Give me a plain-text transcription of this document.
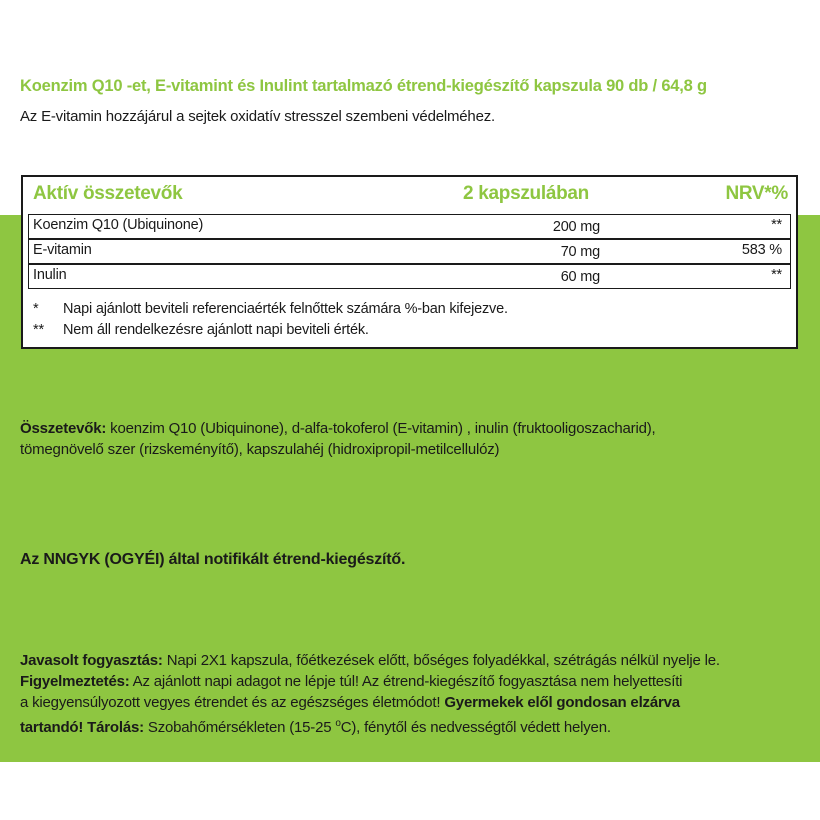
Koenzim Q10 -et, E-vitamint és Inulint tartalmazó étrend-kiegészítő kapszula 90 db / 64,8 g
Az E-vitamin hozzájárul a sejtek oxidatív stresszel szembeni védelméhez.
Aktív összetevők	2 kapszulában	NRV*%
Koenzim Q10 (Ubiquinone)	200 mg	**
E-vitamin	70 mg	583 %
Inulin	60 mg	**
* Napi ajánlott beviteli referenciaérték felnőttek számára %-ban kifejezve.
** Nem áll rendelkezésre ajánlott napi beviteli érték.
Összetevők: koenzim Q10 (Ubiquinone), d-alfa-tokoferol (E-vitamin) , inulin (fruktooligoszacharid),
tömegnövelő szer (rizskeményítő), kapszulahéj (hidroxipropil-metilcellulóz)
Az NNGYK (OGYÉI) által notifikált étrend-kiegészítő.
Javasolt fogyasztás: Napi 2X1 kapszula, főétkezések előtt, bőséges folyadékkal, szétrágás nélkül nyelje le.
Figyelmeztetés: Az ajánlott napi adagot ne lépje túl! Az étrend-kiegészítő fogyasztása nem helyettesíti
a kiegyensúlyozott vegyes étrendet és az egészséges életmódot! Gyermekek elől gondosan elzárva
tartandó! Tárolás: Szobahőmérsékleten (15-25 $^o$C), fénytől és nedvességtől védett helyen.
